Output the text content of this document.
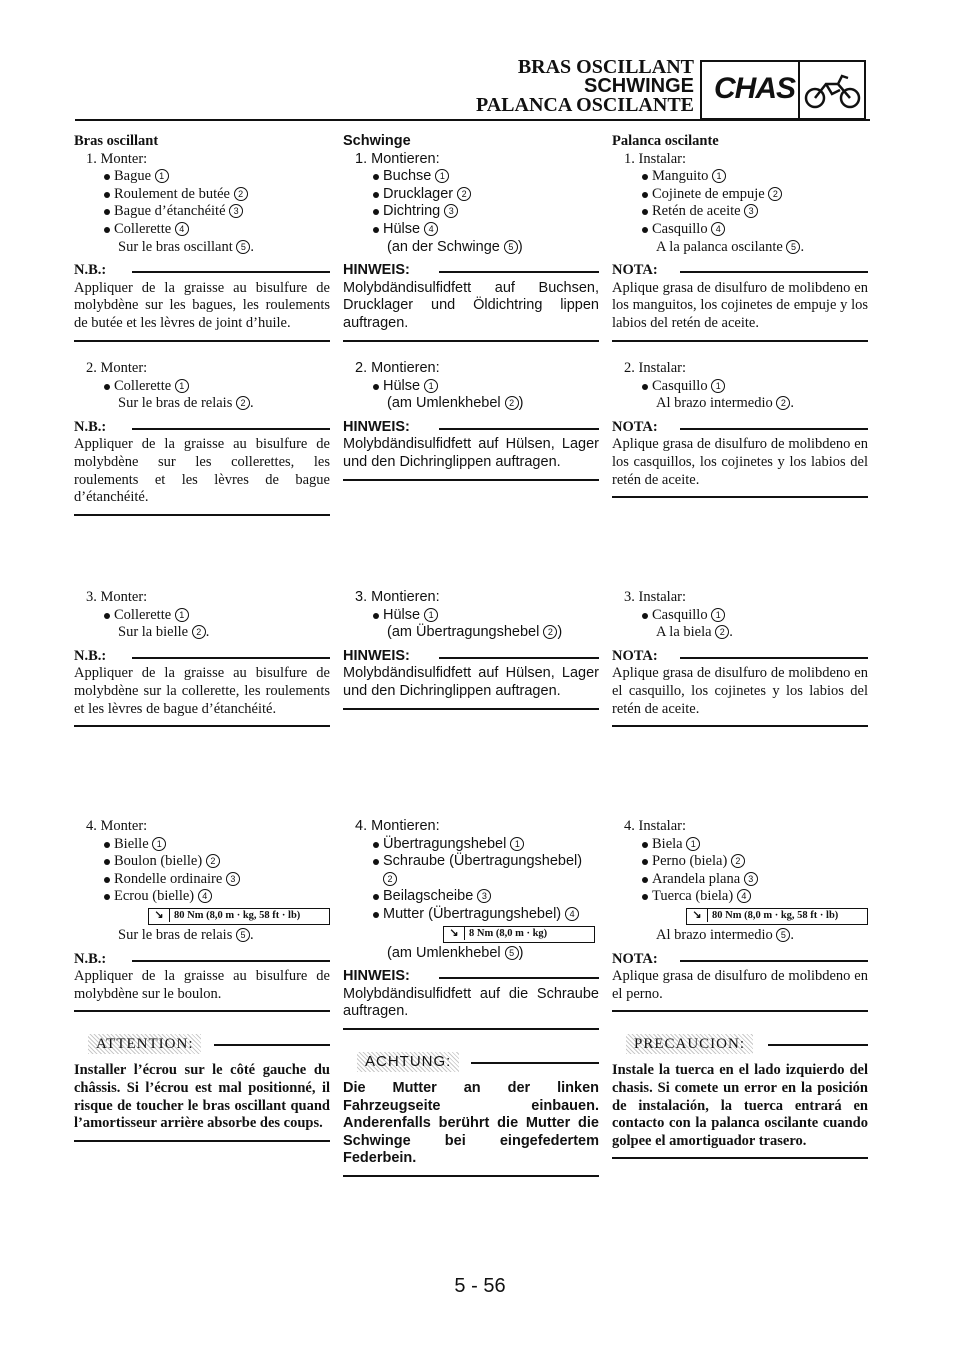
BRAS OSCILLANT
SCHWINGE
PALANCA OSCILANTE CHAS
Bras oscillant
1. Monter:
Bague 1
Roulement de butée 2
Bague d’étanchéité 3
Collerette 4
Sur le bras oscillant 5 .
N.B.:
Appliquer de la graisse au bisulfure de molybdène sur les bagues, les roulements de butée et les lèvres de joint d’huile.
2. Monter:
Collerette 1
Sur le bras de relais 2 .
N.B.:
Appliquer de la graisse au bisulfure de molybdène sur les collerettes, les roulements et les lèvres de bague d’étanchéité.
3. Monter:
Collerette 1
Sur la bielle 2 .
N.B.:
Appliquer de la graisse au bisulfure de molybdène sur la collerette, les roulements et les lèvres de bague d’étanchéité.
4. Monter:
Bielle 1
Boulon (bielle) 2
Rondelle ordinaire 3
Ecrou (bielle) 4
↘ 80 Nm (8,0 m · kg, 58 ft · lb)
Sur le bras de relais 5 .
N.B.:
Appliquer de la graisse au bisulfure de molybdène sur le boulon.
ATTENTION:
Installer l’écrou sur le côté gauche du châssis. Si l’écrou est mal positionné, il risque de toucher le bras oscillant quand l’amortisseur arrière absorbe des coups.
Schwinge
1. Montieren:
Buchse 1
Drucklager 2
Dichtring 3
Hülse 4
(an der Schwinge 5 )
HINWEIS:
Molybdändisulfidfett auf Buchsen, Drucklager und Öldichtring lippen auftragen.
2. Montieren:
Hülse 1
(am Umlenkhebel 2 )
HINWEIS:
Molybdändisulfidfett auf Hülsen, Lager und den Dichringlippen auftragen.
3. Montieren:
Hülse 1
(am Übertragungshebel 2 )
HINWEIS:
Molybdändisulfidfett auf Hülsen, Lager und den Dichringlippen auftragen.
4. Montieren:
Übertragungshebel 1
Schraube (Übertragungshebel) 2
Beilagscheibe 3
Mutter (Übertragungshebel) 4
↘ 8 Nm (8,0 m · kg)
(am Umlenkhebel 5 )
HINWEIS:
Molybdändisulfidfett auf die Schraube auftragen.
ACHTUNG:
Die Mutter an der linken Fahrzeugseite einbauen. Anderenfalls berührt die Mutter die Schwinge bei eingefedertem Federbein.
Palanca oscilante
1. Instalar:
Manguito 1
Cojinete de empuje 2
Retén de aceite 3
Casquillo 4
A la palanca oscilante 5 .
NOTA:
Aplique grasa de disulfuro de molibdeno en los manguitos, los cojinetes de empuje y los labios del retén de aceite.
2. Instalar:
Casquillo 1
Al brazo intermedio 2 .
NOTA:
Aplique grasa de disulfuro de molibdeno en los casquillos, los cojinetes y los labios del retén de aceite.
3. Instalar:
Casquillo 1
A la biela 2 .
NOTA:
Aplique grasa de disulfuro de molibdeno en el casquillo, los cojinetes y los labios del retén de aceite.
4. Instalar:
Biela 1
Perno (biela) 2
Arandela plana 3
Tuerca (biela) 4
↘ 80 Nm (8,0 m · kg, 58 ft · lb)
Al brazo intermedio 5 .
NOTA:
Aplique grasa de disulfuro de molibdeno en el perno.
PRECAUCION:
Instale la tuerca en el lado izquierdo del chasis. Si comete un error en la posición de instalación, la tuerca entrará en contacto con la palanca oscilante cuando golpee el amortiguador trasero.
5 - 56
